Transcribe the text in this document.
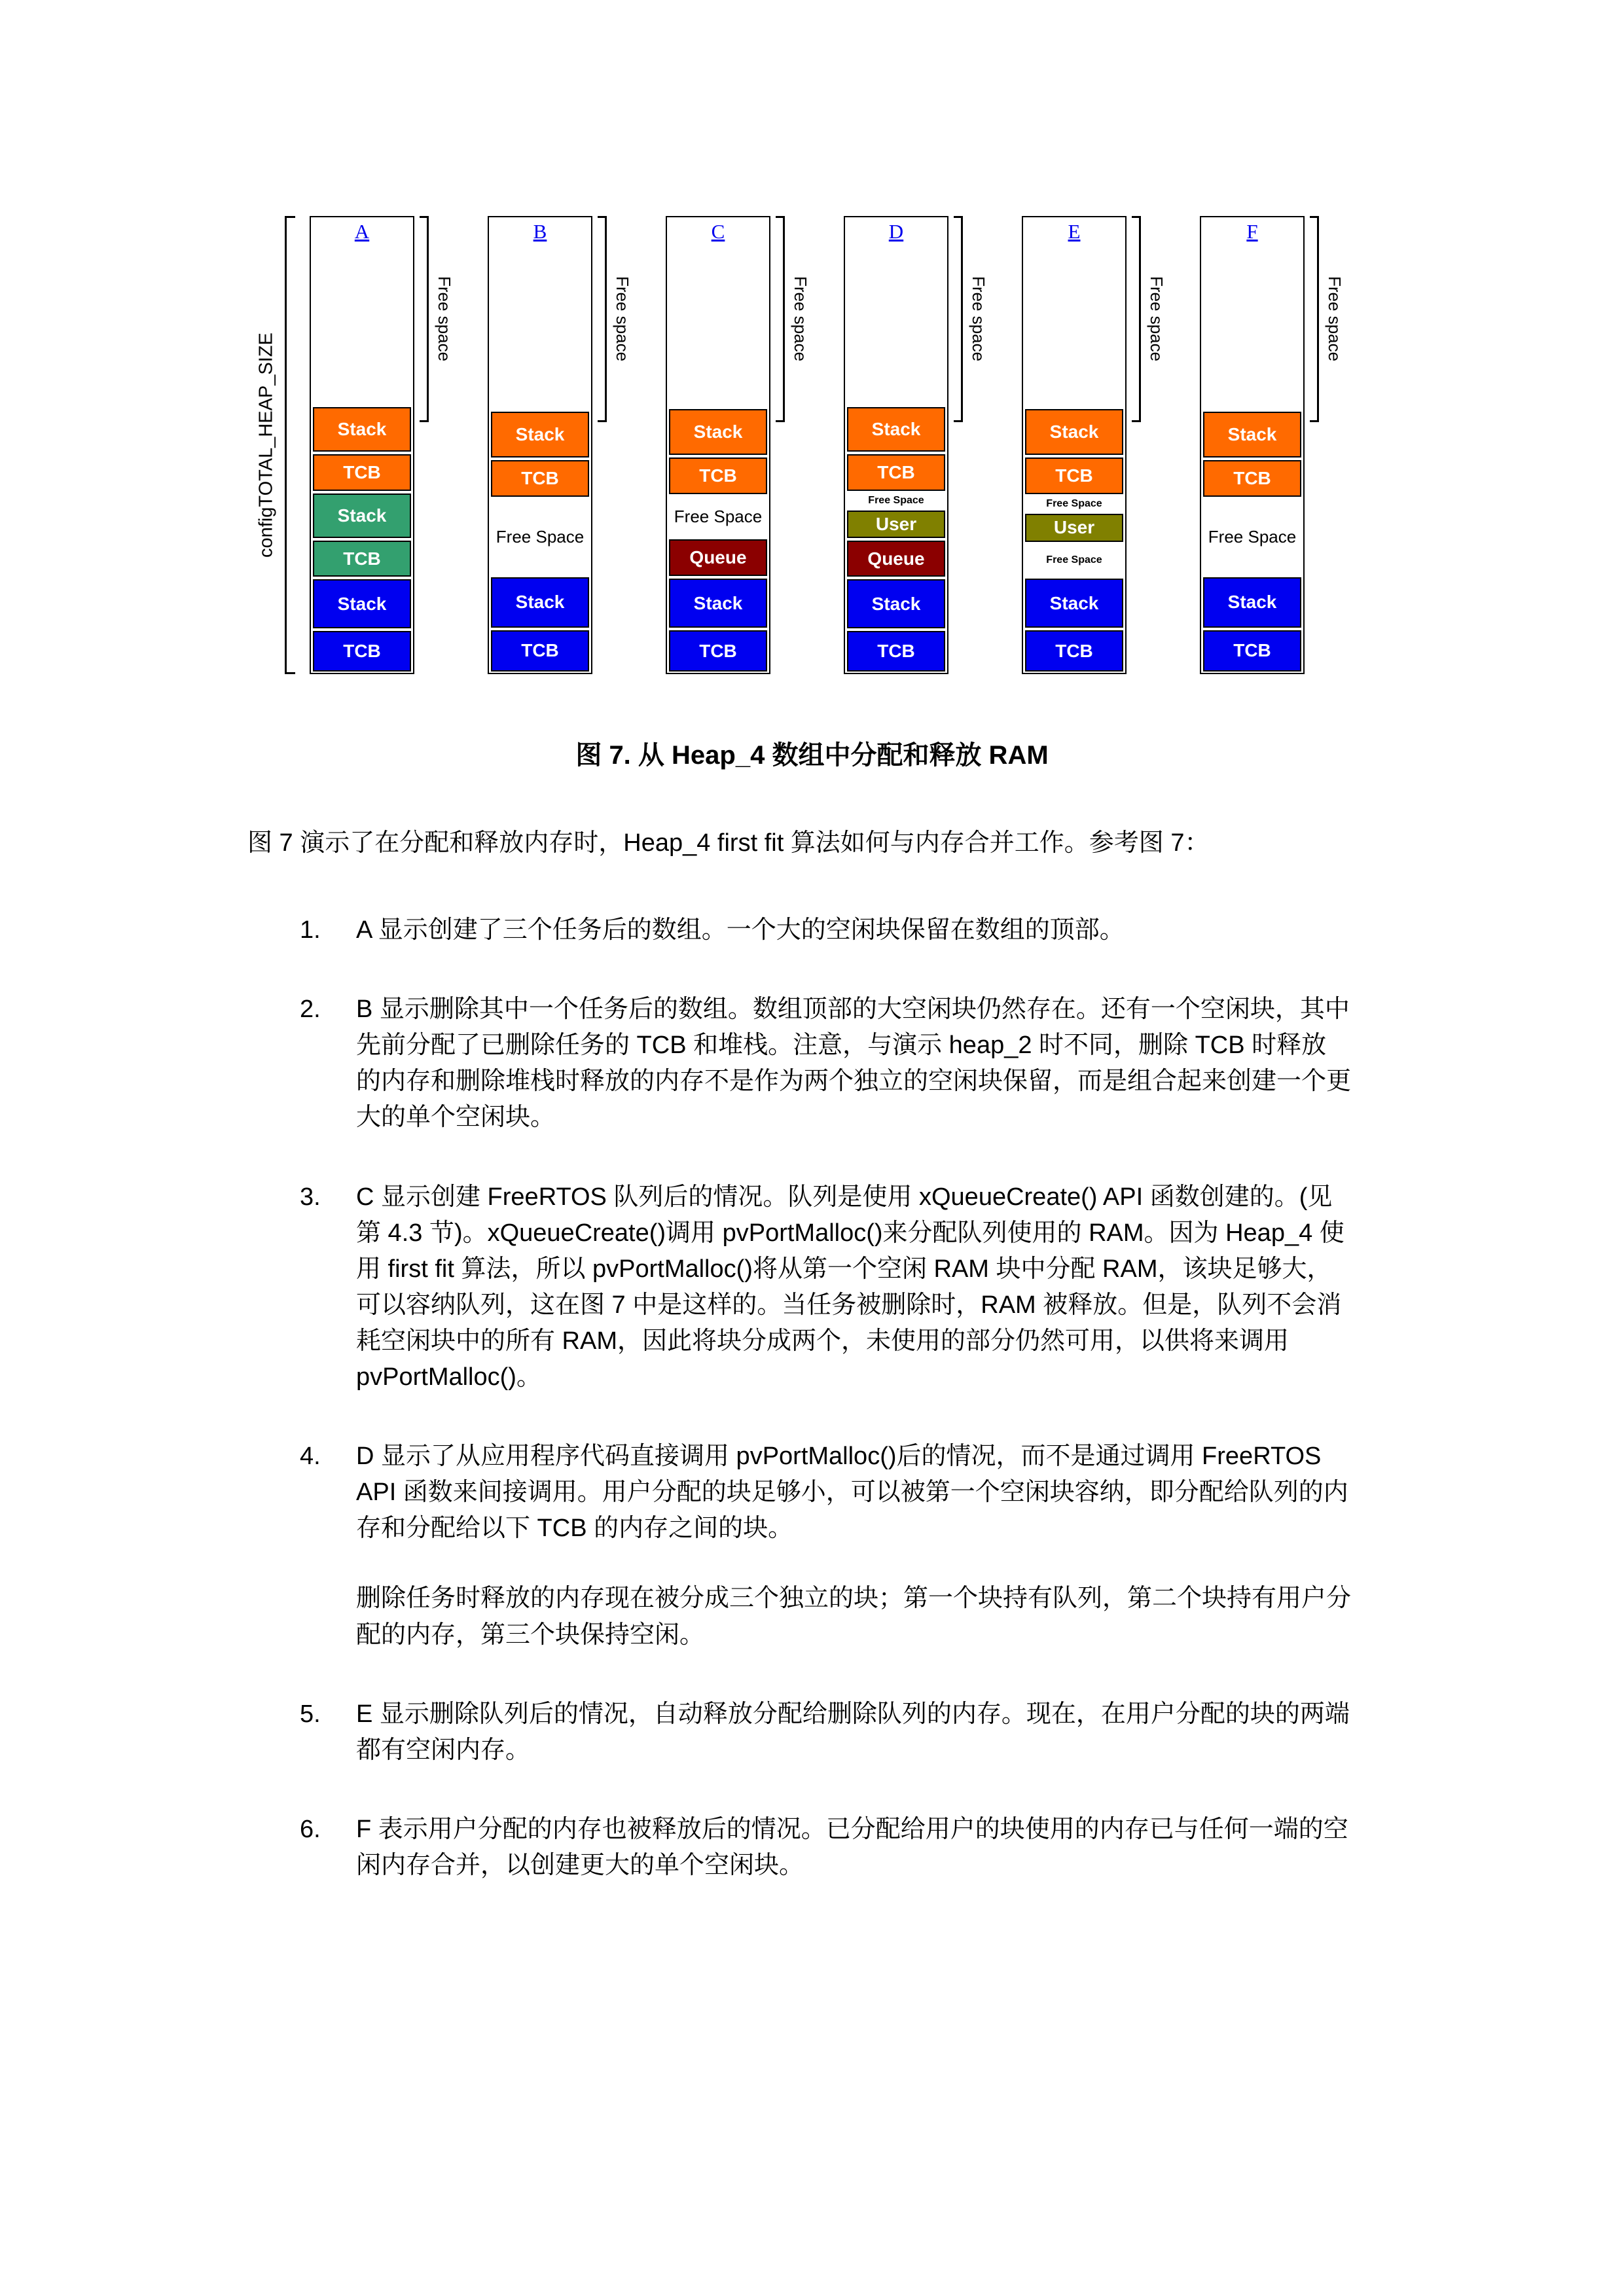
configTOTAL_HEAP_SIZE
A
Stack
TCB
Stack
TCB
Stack
TCB
Free space
B
Stack
TCB
Free Space
Stack
TCB
Free space
C
Stack
TCB
Free Space
Queue
Stack
TCB
Free space
D
Stack
TCB
Free Space
User
Queue
Stack
TCB
Free space
E
Stack
TCB
Free Space
User
Free Space
Stack
TCB
Free space
F
Stack
TCB
Free Space
Stack
TCB
Free space
图 7. 从 Heap_4 数组中分配和释放 RAM

图 7 演示了在分配和释放内存时，Heap_4 first fit 算法如何与内存合并工作。参考图 7：

1.	A 显示创建了三个任务后的数组。一个大的空闲块保留在数组的顶部。

2.	B 显示删除其中一个任务后的数组。数组顶部的大空闲块仍然存在。还有一个空闲块，其中先前分配了已删除任务的 TCB 和堆栈。注意，与演示 heap_2 时不同，删除 TCB 时释放的内存和删除堆栈时释放的内存不是作为两个独立的空闲块保留，而是组合起来创建一个更大的单个空闲块。

3.	C 显示创建 FreeRTOS 队列后的情况。队列是使用 xQueueCreate() API 函数创建的。(见第 4.3 节)。xQueueCreate()调用 pvPortMalloc()来分配队列使用的 RAM。因为 Heap_4 使用 first fit 算法，所以 pvPortMalloc()将从第一个空闲 RAM 块中分配 RAM，该块足够大，可以容纳队列，这在图 7 中是这样的。当任务被删除时，RAM 被释放。但是，队列不会消耗空闲块中的所有 RAM，因此将块分成两个，未使用的部分仍然可用，以供将来调用 pvPortMalloc()。

4.	D 显示了从应用程序代码直接调用 pvPortMalloc()后的情况，而不是通过调用 FreeRTOS API 函数来间接调用。用户分配的块足够小，可以被第一个空闲块容纳，即分配给队列的内存和分配给以下 TCB 的内存之间的块。

删除任务时释放的内存现在被分成三个独立的块；第一个块持有队列，第二个块持有用户分配的内存，第三个块保持空闲。

5.	E 显示删除队列后的情况，自动释放分配给删除队列的内存。现在，在用户分配的块的两端都有空闲内存。

6.	F 表示用户分配的内存也被释放后的情况。已分配给用户的块使用的内存已与任何一端的空闲内存合并，以创建更大的单个空闲块。
